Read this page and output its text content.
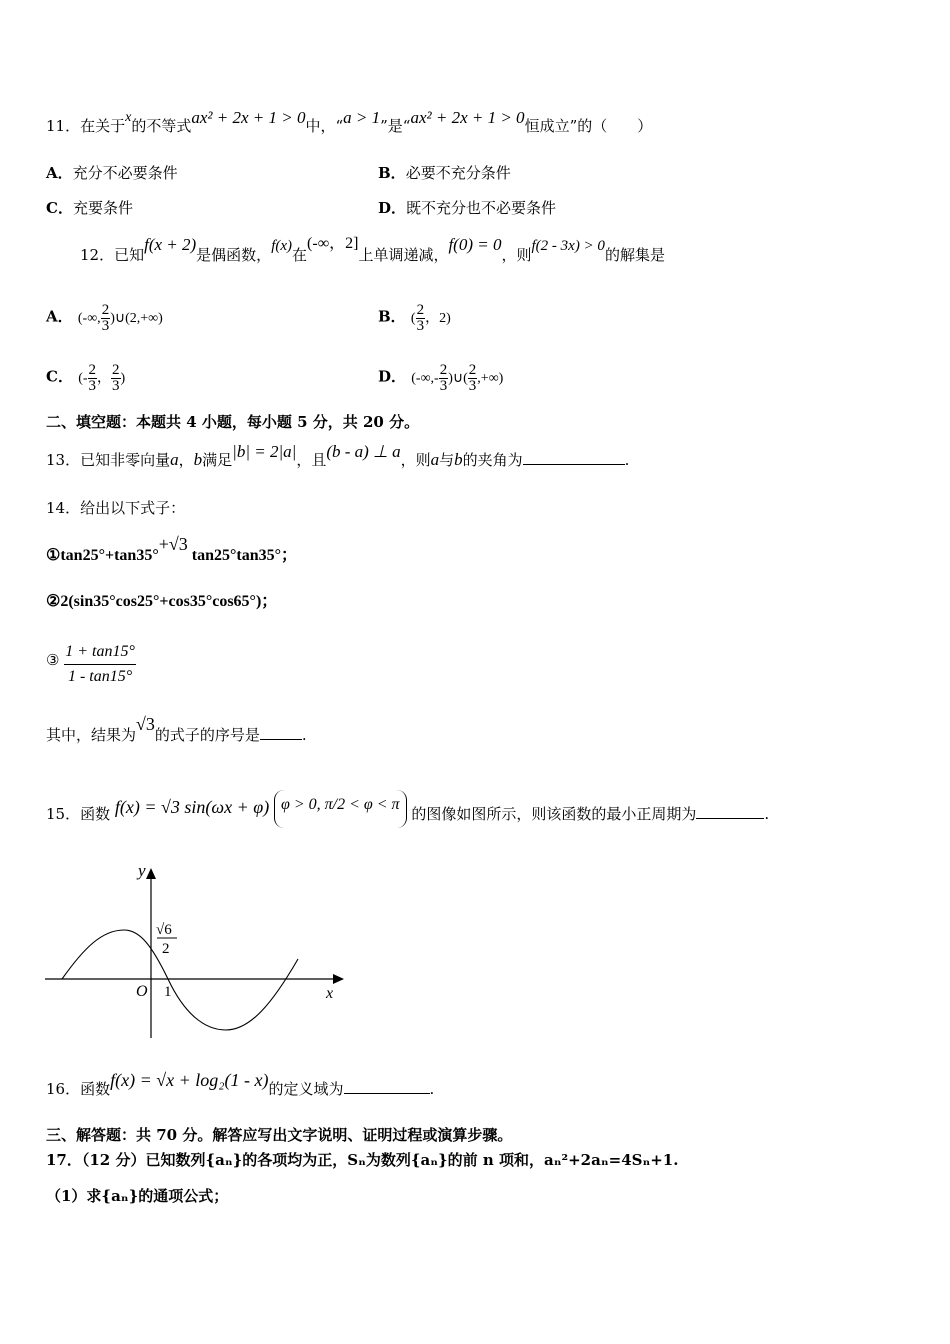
11．在关于x的不等式ax² + 2x + 1 > 0中，“a > 1”是“ax² + 2x + 1 > 0恒成立”的（　　）
A．充分不必要条件	B．必要不充分条件
C．充要条件	D．既不充分也不必要条件
12．已知f(x + 2)是偶函数，f(x)在(-∞，2]上单调递减，f(0) = 0，则f(2 - 3x) > 0的解集是
A． (-∞, $\frac{2}{3}$ )∪(2,+∞)	B． ( $\frac{2}{3}$ ，2)
C． (- $\frac{2}{3}$ ， $\frac{2}{3}$ )	D． (-∞,- $\frac{2}{3}$ )∪( $\frac{2}{3}$ ,+∞)
二、填空题：本题共 4 小题，每小题 5 分，共 20 分。
13．已知非零向量a，b满足|b| = 2|a|，且(b - a) ⊥ a，则a与b的夹角为	.
14．给出以下式子：
①tan25°+tan35°+√3 tan25°tan35°；
②2(sin35°cos25°+cos35°cos65°)；
③ $\frac{1 + \tan 15^\circ}{1 - \tan 15^\circ}$
其中，结果为√3的式子的序号是	.
15．函数 f(x) = √3 sin(ωx + φ) φ > 0, π/2 < φ < π 的图像如图所示，则该函数的最小正周期为	.
y
x
O 1
√6
2
16．函数f(x) = √x + log₂(1 - x)的定义域为	.
三、解答题：共 70 分。解答应写出文字说明、证明过程或演算步骤。
17．（12 分）已知数列{aₙ}的各项均为正，Sₙ为数列{aₙ}的前 n 项和，aₙ²+2aₙ=4Sₙ+1.
（1）求{aₙ}的通项公式；
